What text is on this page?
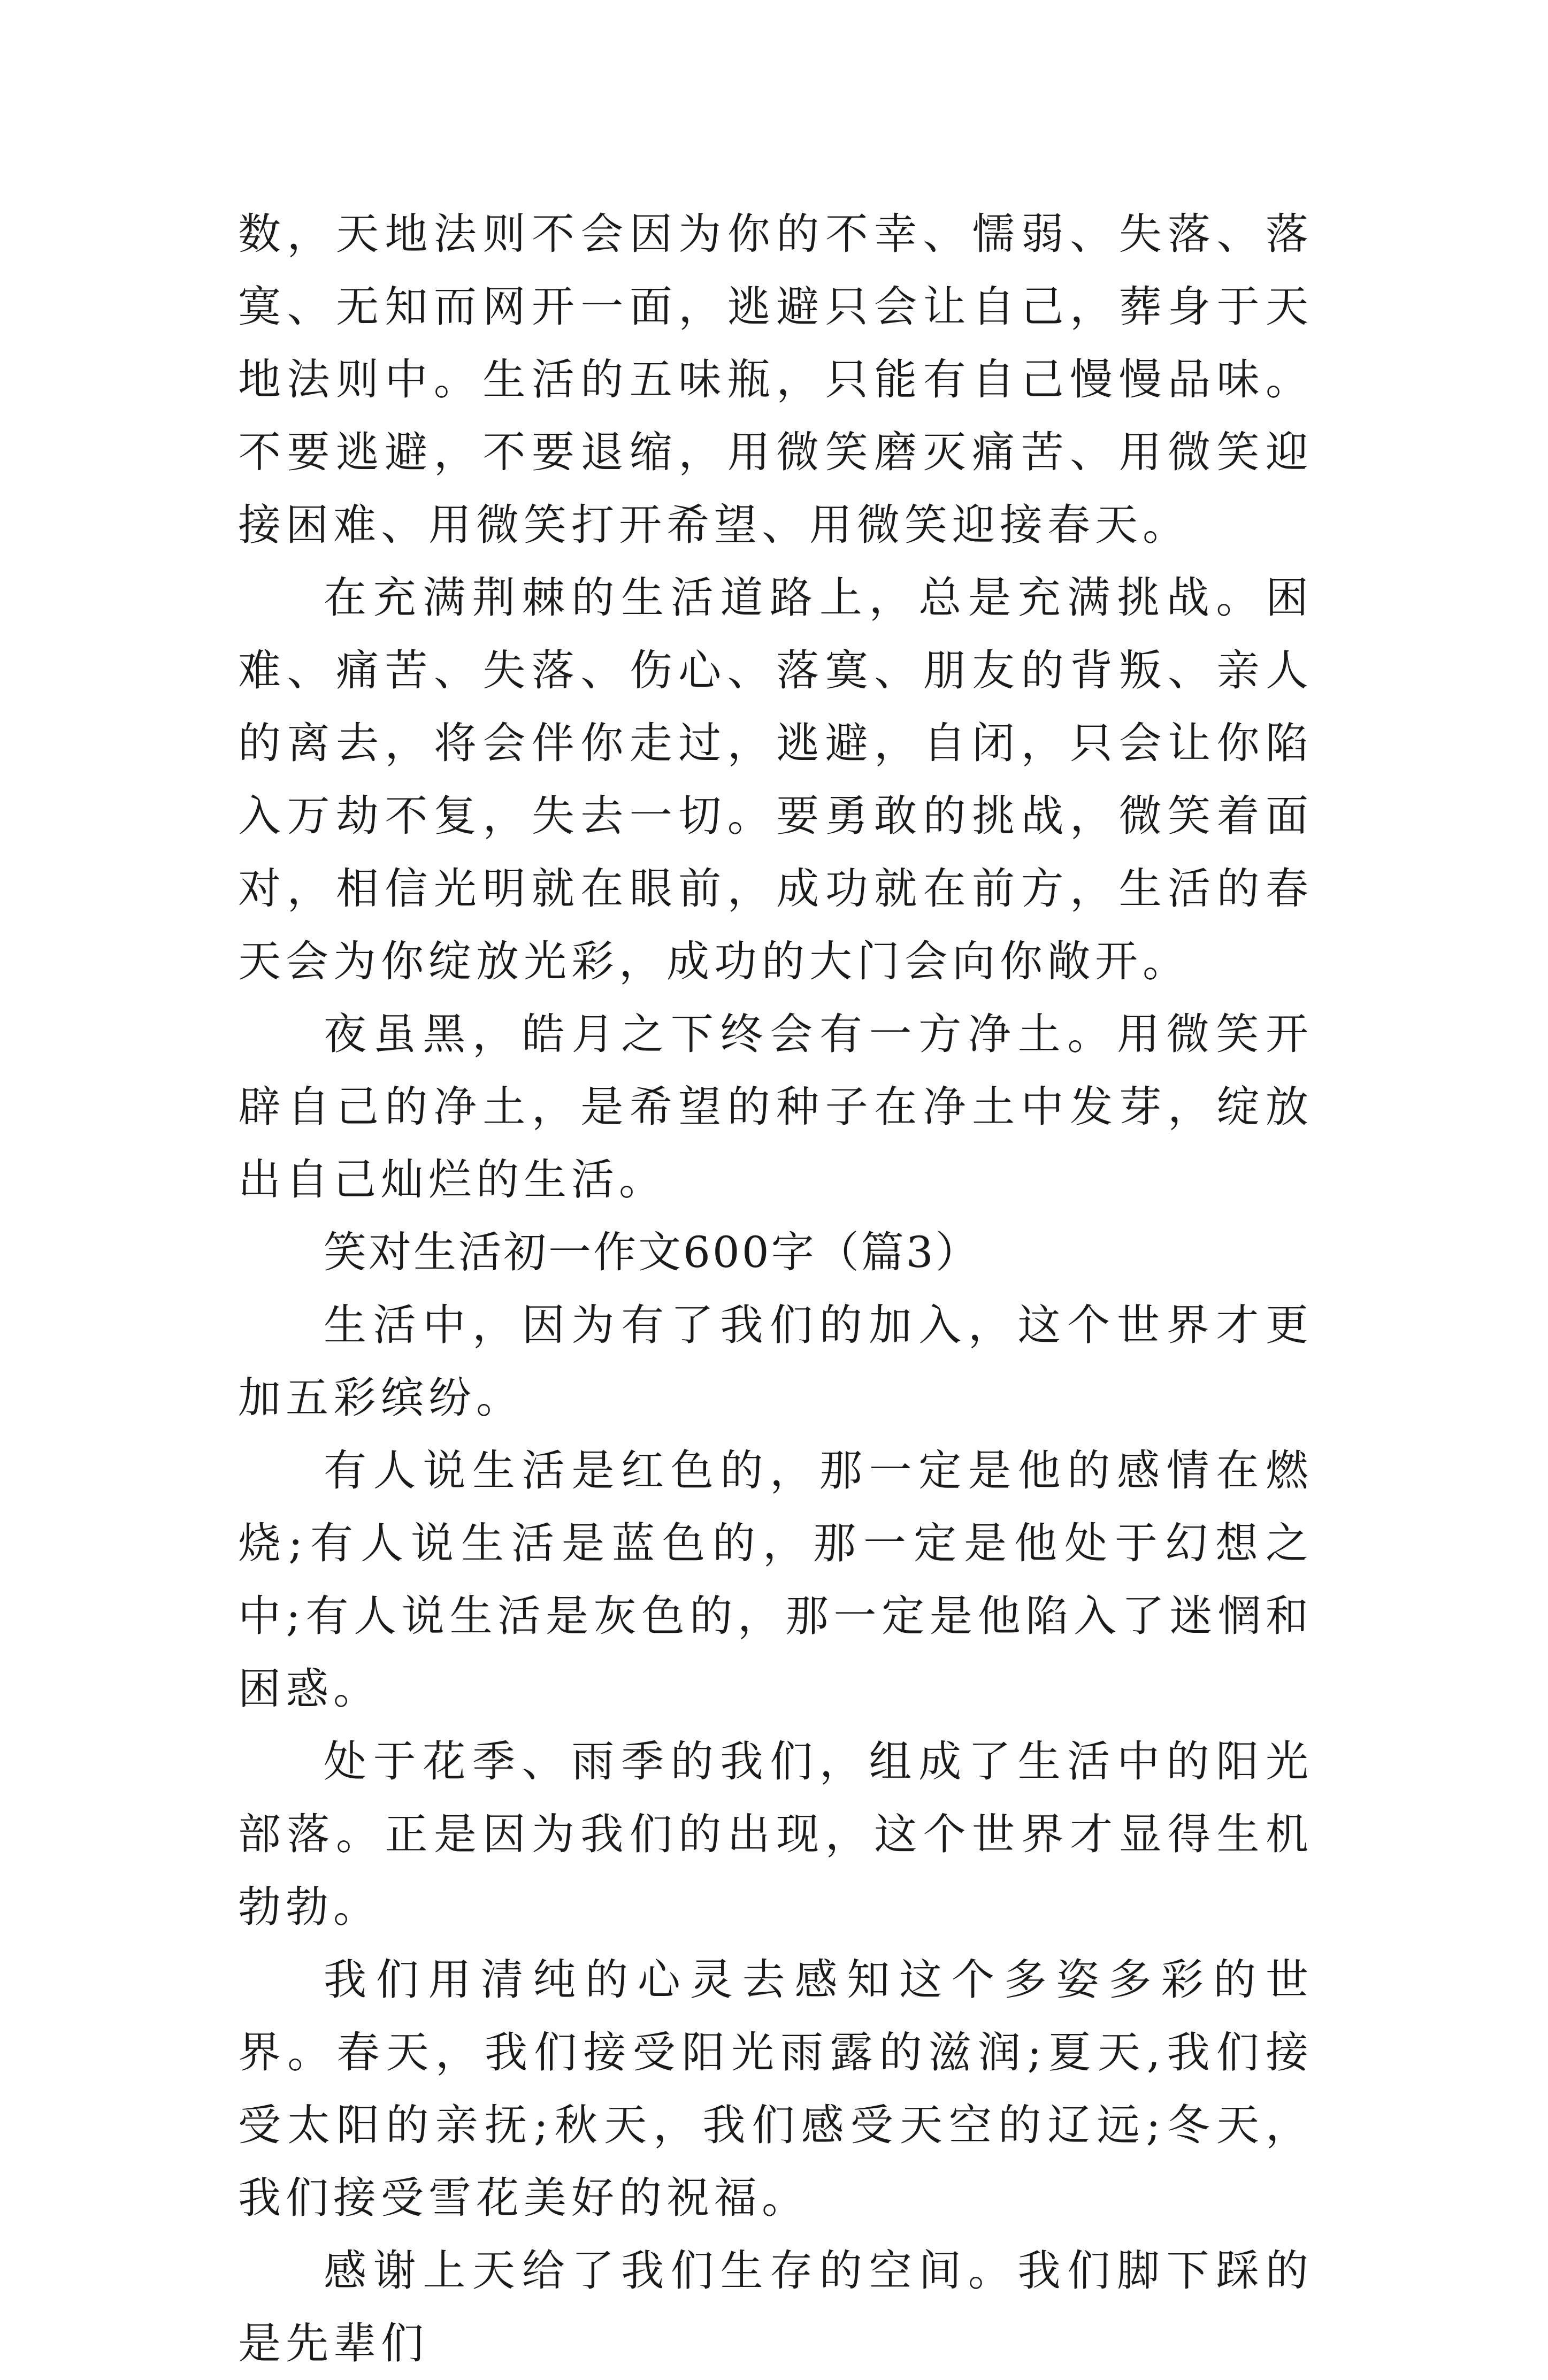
数，天地法则不会因为你的不幸、懦弱、失落、落寞、无知而网开一面，逃避只会让自己，葬身于天地法则中。生活的五味瓶，只能有自己慢慢品味。不要逃避，不要退缩，用微笑磨灭痛苦、用微笑迎接困难、用微笑打开希望、用微笑迎接春天。

在充满荆棘的生活道路上，总是充满挑战。困难、痛苦、失落、伤心、落寞、朋友的背叛、亲人的离去，将会伴你走过，逃避，自闭，只会让你陷入万劫不复，失去一切。要勇敢的挑战，微笑着面对，相信光明就在眼前，成功就在前方，生活的春天会为你绽放光彩，成功的大门会向你敞开。

夜虽黑，皓月之下终会有一方净土。用微笑开辟自己的净土，是希望的种子在净土中发芽，绽放出自己灿烂的生活。

笑对生活初一作文600字（篇3）

生活中，因为有了我们的加入，这个世界才更加五彩缤纷。

有人说生活是红色的，那一定是他的感情在燃烧;有人说生活是蓝色的，那一定是他处于幻想之中;有人说生活是灰色的，那一定是他陷入了迷惘和困惑。

处于花季、雨季的我们，组成了生活中的阳光部落。正是因为我们的出现，这个世界才显得生机勃勃。

我们用清纯的心灵去感知这个多姿多彩的世界。春天，我们接受阳光雨露的滋润;夏天,我们接受太阳的亲抚;秋天，我们感受天空的辽远;冬天，我们接受雪花美好的祝福。

感谢上天给了我们生存的空间。我们脚下踩的是先辈们
